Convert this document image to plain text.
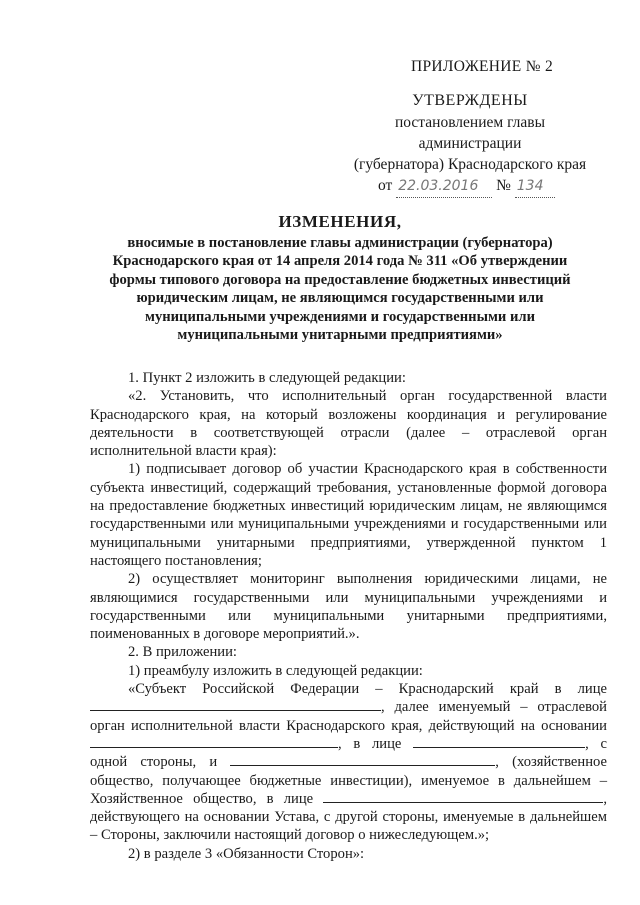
ПРИЛОЖЕНИЕ № 2
УТВЕРЖДЕНЫ
постановлением главы администрации
(губернатора) Краснодарского края
от 22.03.2016 № 134
ИЗМЕНЕНИЯ,
вносимые в постановление главы администрации (губернатора) Краснодарского края от 14 апреля 2014 года № 311 «Об утверждении формы типового договора на предоставление бюджетных инвестиций юридическим лицам, не являющимся государственными или муниципальными учреждениями и государственными или муниципальными унитарными предприятиями»

1. Пункт 2 изложить в следующей редакции:

«2. Установить, что исполнительный орган государственной власти Краснодарского края, на который возложены координация и регулирование деятельности в соответствующей отрасли (далее – отраслевой орган исполнительной власти края):

1) подписывает договор об участии Краснодарского края в собственности субъекта инвестиций, содержащий требования, установленные формой договора на предоставление бюджетных инвестиций юридическим лицам, не являющимся государственными или муниципальными учреждениями и государственными или муниципальными унитарными предприятиями, утвержденной пунктом 1 настоящего постановления;

2) осуществляет мониторинг выполнения юридическими лицами, не являющимися государственными или муниципальными учреждениями и государственными или муниципальными унитарными предприятиями, поименованных в договоре мероприятий.».

2. В приложении:

1) преамбулу изложить в следующей редакции:

«Субъект Российской Федерации – Краснодарский край в лице , далее именуемый – отраслевой орган исполнительной власти Краснодарского края, действующий на основании , в лице	, с одной стороны, и	, (хозяйственное общество, получающее бюджетные инвестиции), именуемое в дальнейшем – Хозяйственное общество, в лице	, действующего на основании Устава, с другой стороны, именуемые в дальнейшем – Стороны, заключили настоящий договор о нижеследующем.»;

2) в разделе 3 «Обязанности Сторон»:
